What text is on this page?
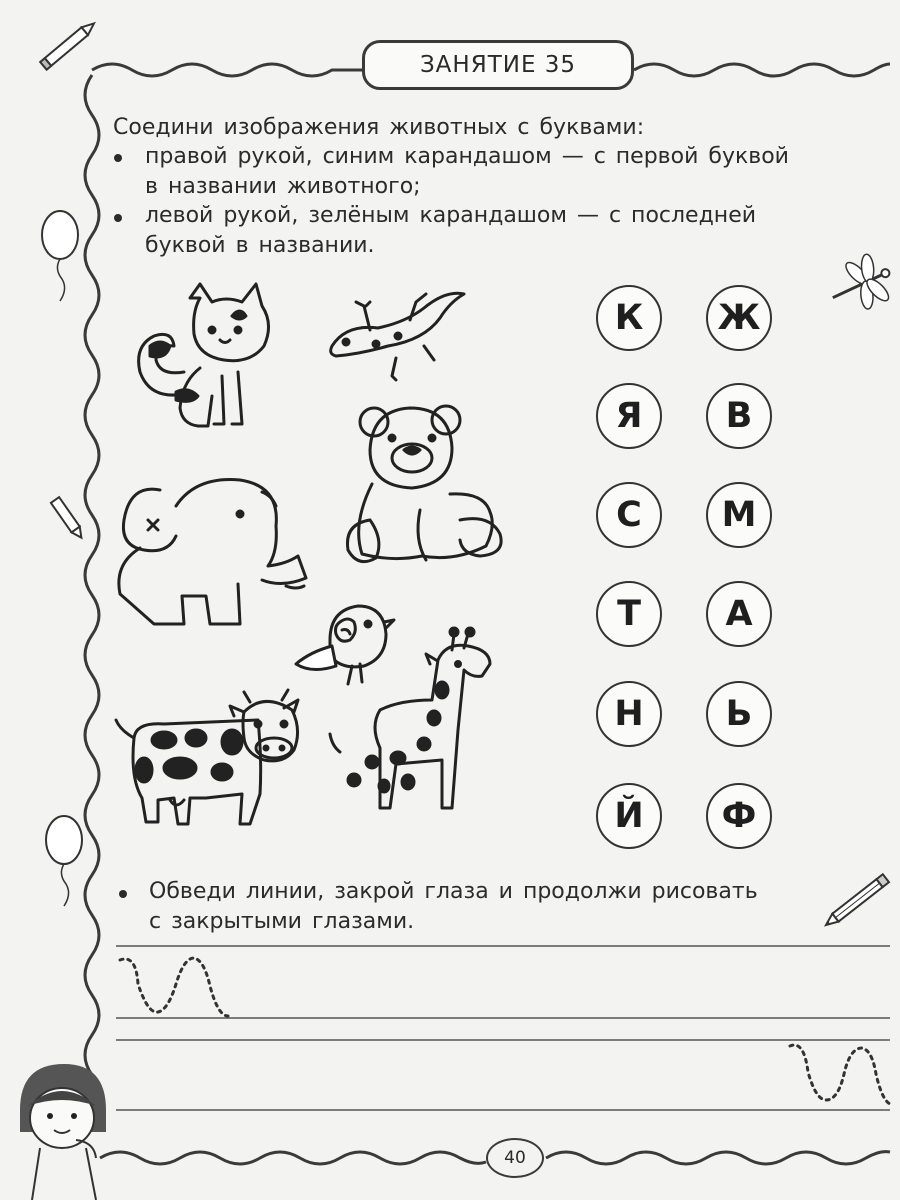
ЗАНЯТИЕ 35
Соедини изображения животных с буквами:
правой рукой, синим карандашом — с первой буквой
в названии животного;
левой рукой, зелёным карандашом — с последней
буквой в названии.
К	Ж
Я	В
С	М
Т	А
Н	Ь
Й	Ф
Обведи линии, закрой глаза и продолжи рисовать
с закрытыми глазами.
40
